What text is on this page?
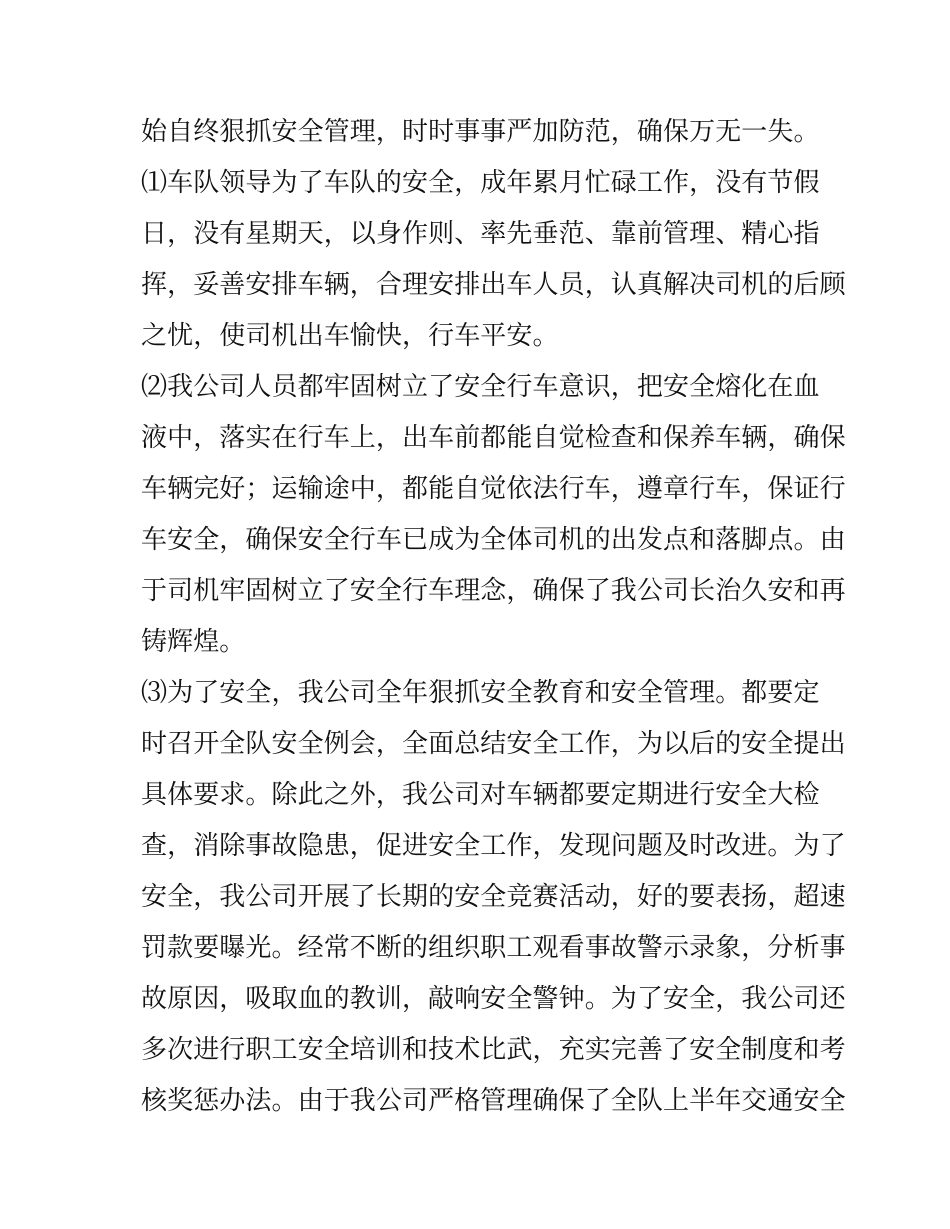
始自终狠抓安全管理，时时事事严加防范，确保万无一失。
⑴车队领导为了车队的安全，成年累月忙碌工作，没有节假
日，没有星期天，以身作则、率先垂范、靠前管理、精心指
挥，妥善安排车辆，合理安排出车人员，认真解决司机的后顾
之忧，使司机出车愉快，行车平安。
⑵我公司人员都牢固树立了安全行车意识，把安全熔化在血
液中，落实在行车上，出车前都能自觉检查和保养车辆，确保
车辆完好；运输途中，都能自觉依法行车，遵章行车，保证行
车安全，确保安全行车已成为全体司机的出发点和落脚点。由
于司机牢固树立了安全行车理念，确保了我公司长治久安和再
铸辉煌。
⑶为了安全，我公司全年狠抓安全教育和安全管理。都要定
时召开全队安全例会，全面总结安全工作，为以后的安全提出
具体要求。除此之外，我公司对车辆都要定期进行安全大检
查，消除事故隐患，促进安全工作，发现问题及时改进。为了
安全，我公司开展了长期的安全竞赛活动，好的要表扬，超速
罚款要曝光。经常不断的组织职工观看事故警示录象，分析事
故原因，吸取血的教训，敲响安全警钟。为了安全，我公司还
多次进行职工安全培训和技术比武，充实完善了安全制度和考
核奖惩办法。由于我公司严格管理确保了全队上半年交通安全
